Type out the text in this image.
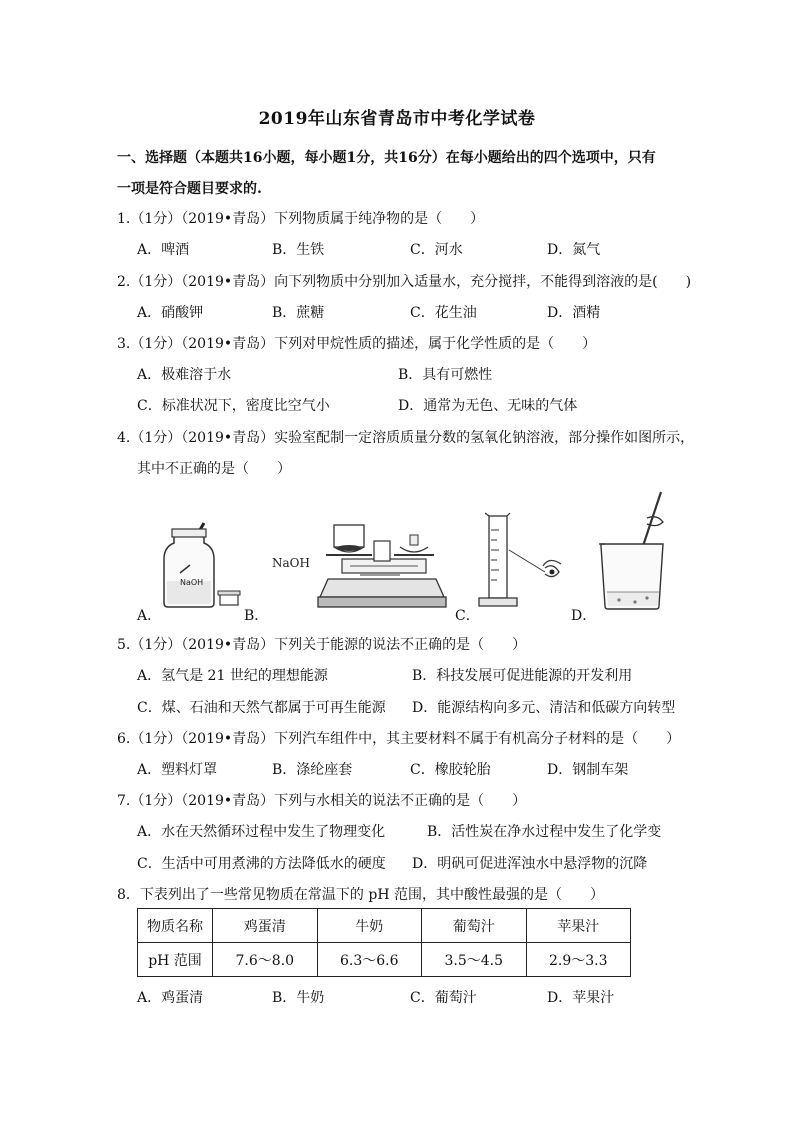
2019年山东省青岛市中考化学试卷
一、选择题（本题共16小题，每小题1分，共16分）在每小题给出的四个选项中，只有
一项是符合题目要求的.
1.（1分）（2019•青岛）下列物质属于纯净物的是（　　）
A．啤酒	B．生铁	C．河水	D．氮气
2.（1分）（2019•青岛）向下列物质中分别加入适量水，充分搅拌，不能得到溶液的是(　　)
A．硝酸钾	B．蔗糖	C．花生油	D．酒精
3.（1分）（2019•青岛）下列对甲烷性质的描述，属于化学性质的是（　　）
A．极难溶于水	B．具有可燃性
C．标准状况下，密度比空气小	D．通常为无色、无味的气体
4.（1分）（2019•青岛）实验室配制一定溶质质量分数的氢氧化钠溶液，部分操作如图所示，
其中不正确的是（　　）
NaOH
NaOH
A．	B．	C．	D．
5.（1分）（2019•青岛）下列关于能源的说法不正确的是（　　）
A．氢气是 21 世纪的理想能源	B．科技发展可促进能源的开发利用
C．煤、石油和天然气都属于可再生能源 D．能源结构向多元、清洁和低碳方向转型
6.（1分）（2019•青岛）下列汽车组件中，其主要材料不属于有机高分子材料的是（　　）
A．塑料灯罩	B．涤纶座套	C．橡胶轮胎	D．钢制车架
7.（1分）（2019•青岛）下列与水相关的说法不正确的是（　　）
A．水在天然循环过程中发生了物理变化	B．活性炭在净水过程中发生了化学变
C．生活中可用煮沸的方法降低水的硬度 D．明矾可促进浑浊水中悬浮物的沉降
8．下表列出了一些常见物质在常温下的 pH 范围，其中酸性最强的是（　　）
物质名称	鸡蛋清	牛奶	葡萄汁	苹果汁
pH 范围	7.6～8.0	6.3～6.6	3.5～4.5	2.9～3.3
A．鸡蛋清	B．牛奶	C．葡萄汁	D．苹果汁
